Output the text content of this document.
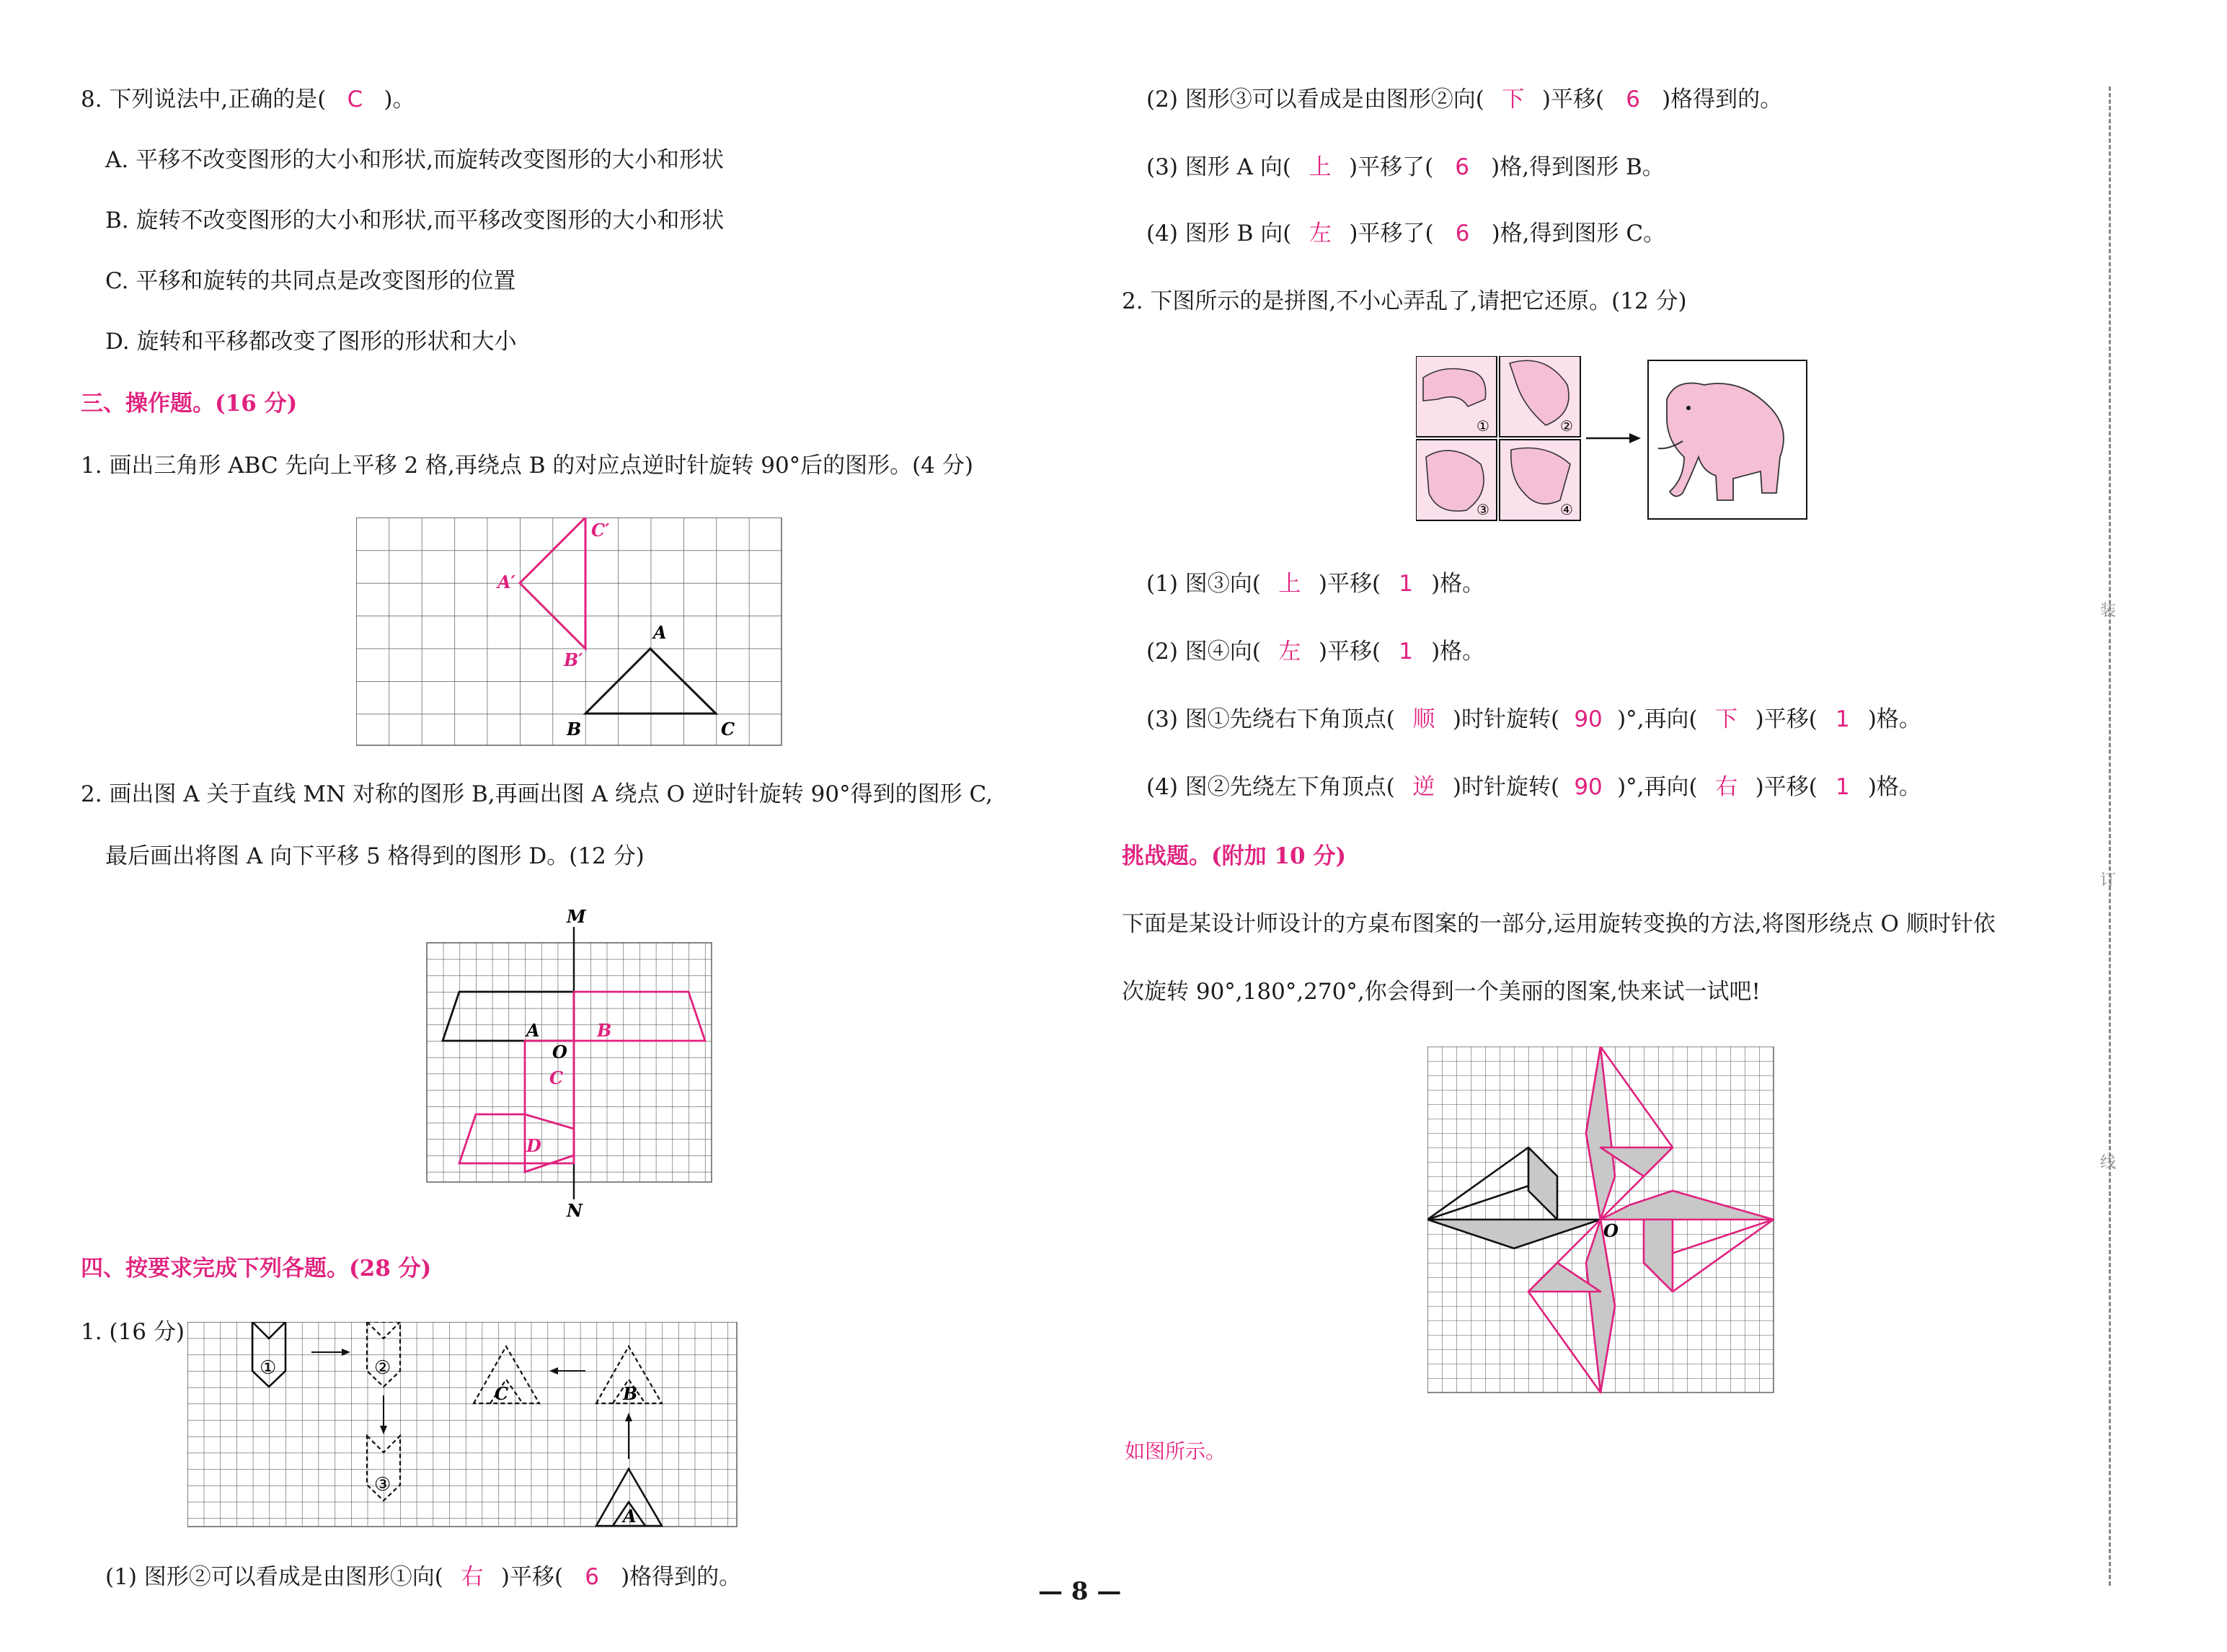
8. 下列说法中,正确的是( C )。
A. 平移不改变图形的大小和形状,而旋转改变图形的大小和形状
B. 旋转不改变图形的大小和形状,而平移改变图形的大小和形状
C. 平移和旋转的共同点是改变图形的位置
D. 旋转和平移都改变了图形的形状和大小
三、操作题。(16 分)
1. 画出三角形 ABC 先向上平移 2 格,再绕点 B 的对应点逆时针旋转 90°后的图形。(4 分)
A
B	C
A′
B′
C′
2. 画出图 A 关于直线 MN 对称的图形 B,再画出图 A 绕点 O 逆时针旋转 90°得到的图形 C,
最后画出将图 A 向下平移 5 格得到的图形 D。(12 分)
M
N
A	B
O
C
D
四、按要求完成下列各题。(28 分)
1. (16 分)
①	②
③
A
B
C
(1) 图形②可以看成是由图形①向( 右 )平移( 6 )格得到的。
(2) 图形③可以看成是由图形②向( 下 )平移( 6 )格得到的。
(3) 图形 A 向( 上 )平移了( 6 )格,得到图形 B。
(4) 图形 B 向( 左 )平移了( 6 )格,得到图形 C。
2. 下图所示的是拼图,不小心弄乱了,请把它还原。(12 分)
①	②
③	④
(1) 图③向( 上 )平移( 1 )格。
(2) 图④向( 左 )平移( 1 )格。
(3) 图①先绕右下角顶点( 顺 )时针旋转( 90 )°,再向( 下 )平移( 1 )格。
(4) 图②先绕左下角顶点( 逆 )时针旋转( 90 )°,再向( 右 )平移( 1 )格。
挑战题。(附加 10 分)
下面是某设计师设计的方桌布图案的一部分,运用旋转变换的方法,将图形绕点 O 顺时针依
次旋转 90°,180°,270°,你会得到一个美丽的图案,快来试一试吧!
O
如图所示。
装
订
线
— 8 —
